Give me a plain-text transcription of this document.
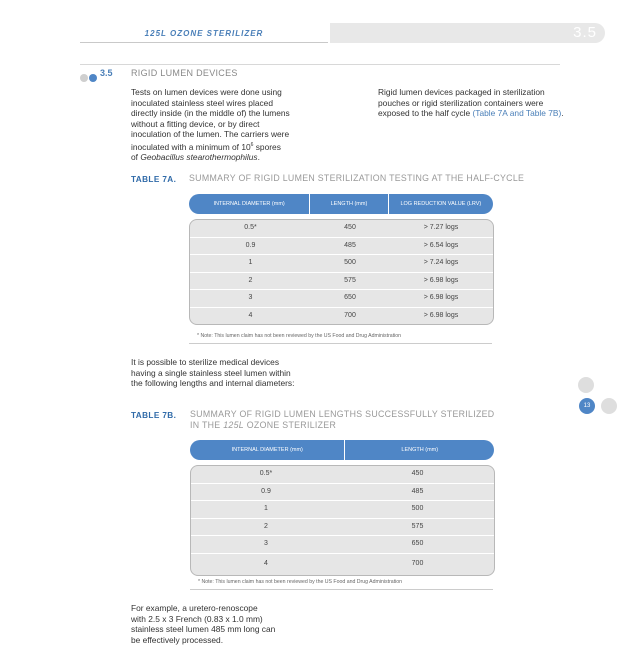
125L OZONE STERILIZER	3.5
3.5 RIGID LUMEN DEVICES
Tests on lumen devices were done using
inoculated stainless steel wires placed
directly inside (in the middle of) the lumens
without a fitting device, or by direct
inoculation of the lumen. The carriers were
inoculated with a minimum of $10^6$ spores
of Geobacillus stearothermophilus.
Rigid lumen devices packaged in sterilization
pouches or rigid sterilization containers were
exposed to the half cycle (Table 7A and Table 7B).
TABLE 7A. SUMMARY OF RIGID LUMEN STERILIZATION TESTING AT THE HALF-CYCLE
INTERNAL DIAMETER (mm)	LENGTH (mm)	LOG REDUCTION VALUE (LRV)
0.5*	450	> 7.27 logs
0.9	485	> 6.54 logs
1	500	> 7.24 logs
2	575	> 6.98 logs
3	650	> 6.98 logs
4	700	> 6.98 logs
* Note: This lumen claim has not been reviewed by the US Food and Drug Administration
It is possible to sterilize medical devices
having a single stainless steel lumen within
the following lengths and internal diameters:
13
TABLE 7B. SUMMARY OF RIGID LUMEN LENGTHS SUCCESSFULLY STERILIZED
IN THE 125L OZONE STERILIZER
INTERNAL DIAMETER (mm)	LENGTH (mm)
0.5*	450
0.9	485
1	500
2	575
3	650
4	700
* Note: This lumen claim has not been reviewed by the US Food and Drug Administration
For example, a uretero-renoscope
with 2.5 x 3 French (0.83 x 1.0 mm)
stainless steel lumen 485 mm long can
be effectively processed.
